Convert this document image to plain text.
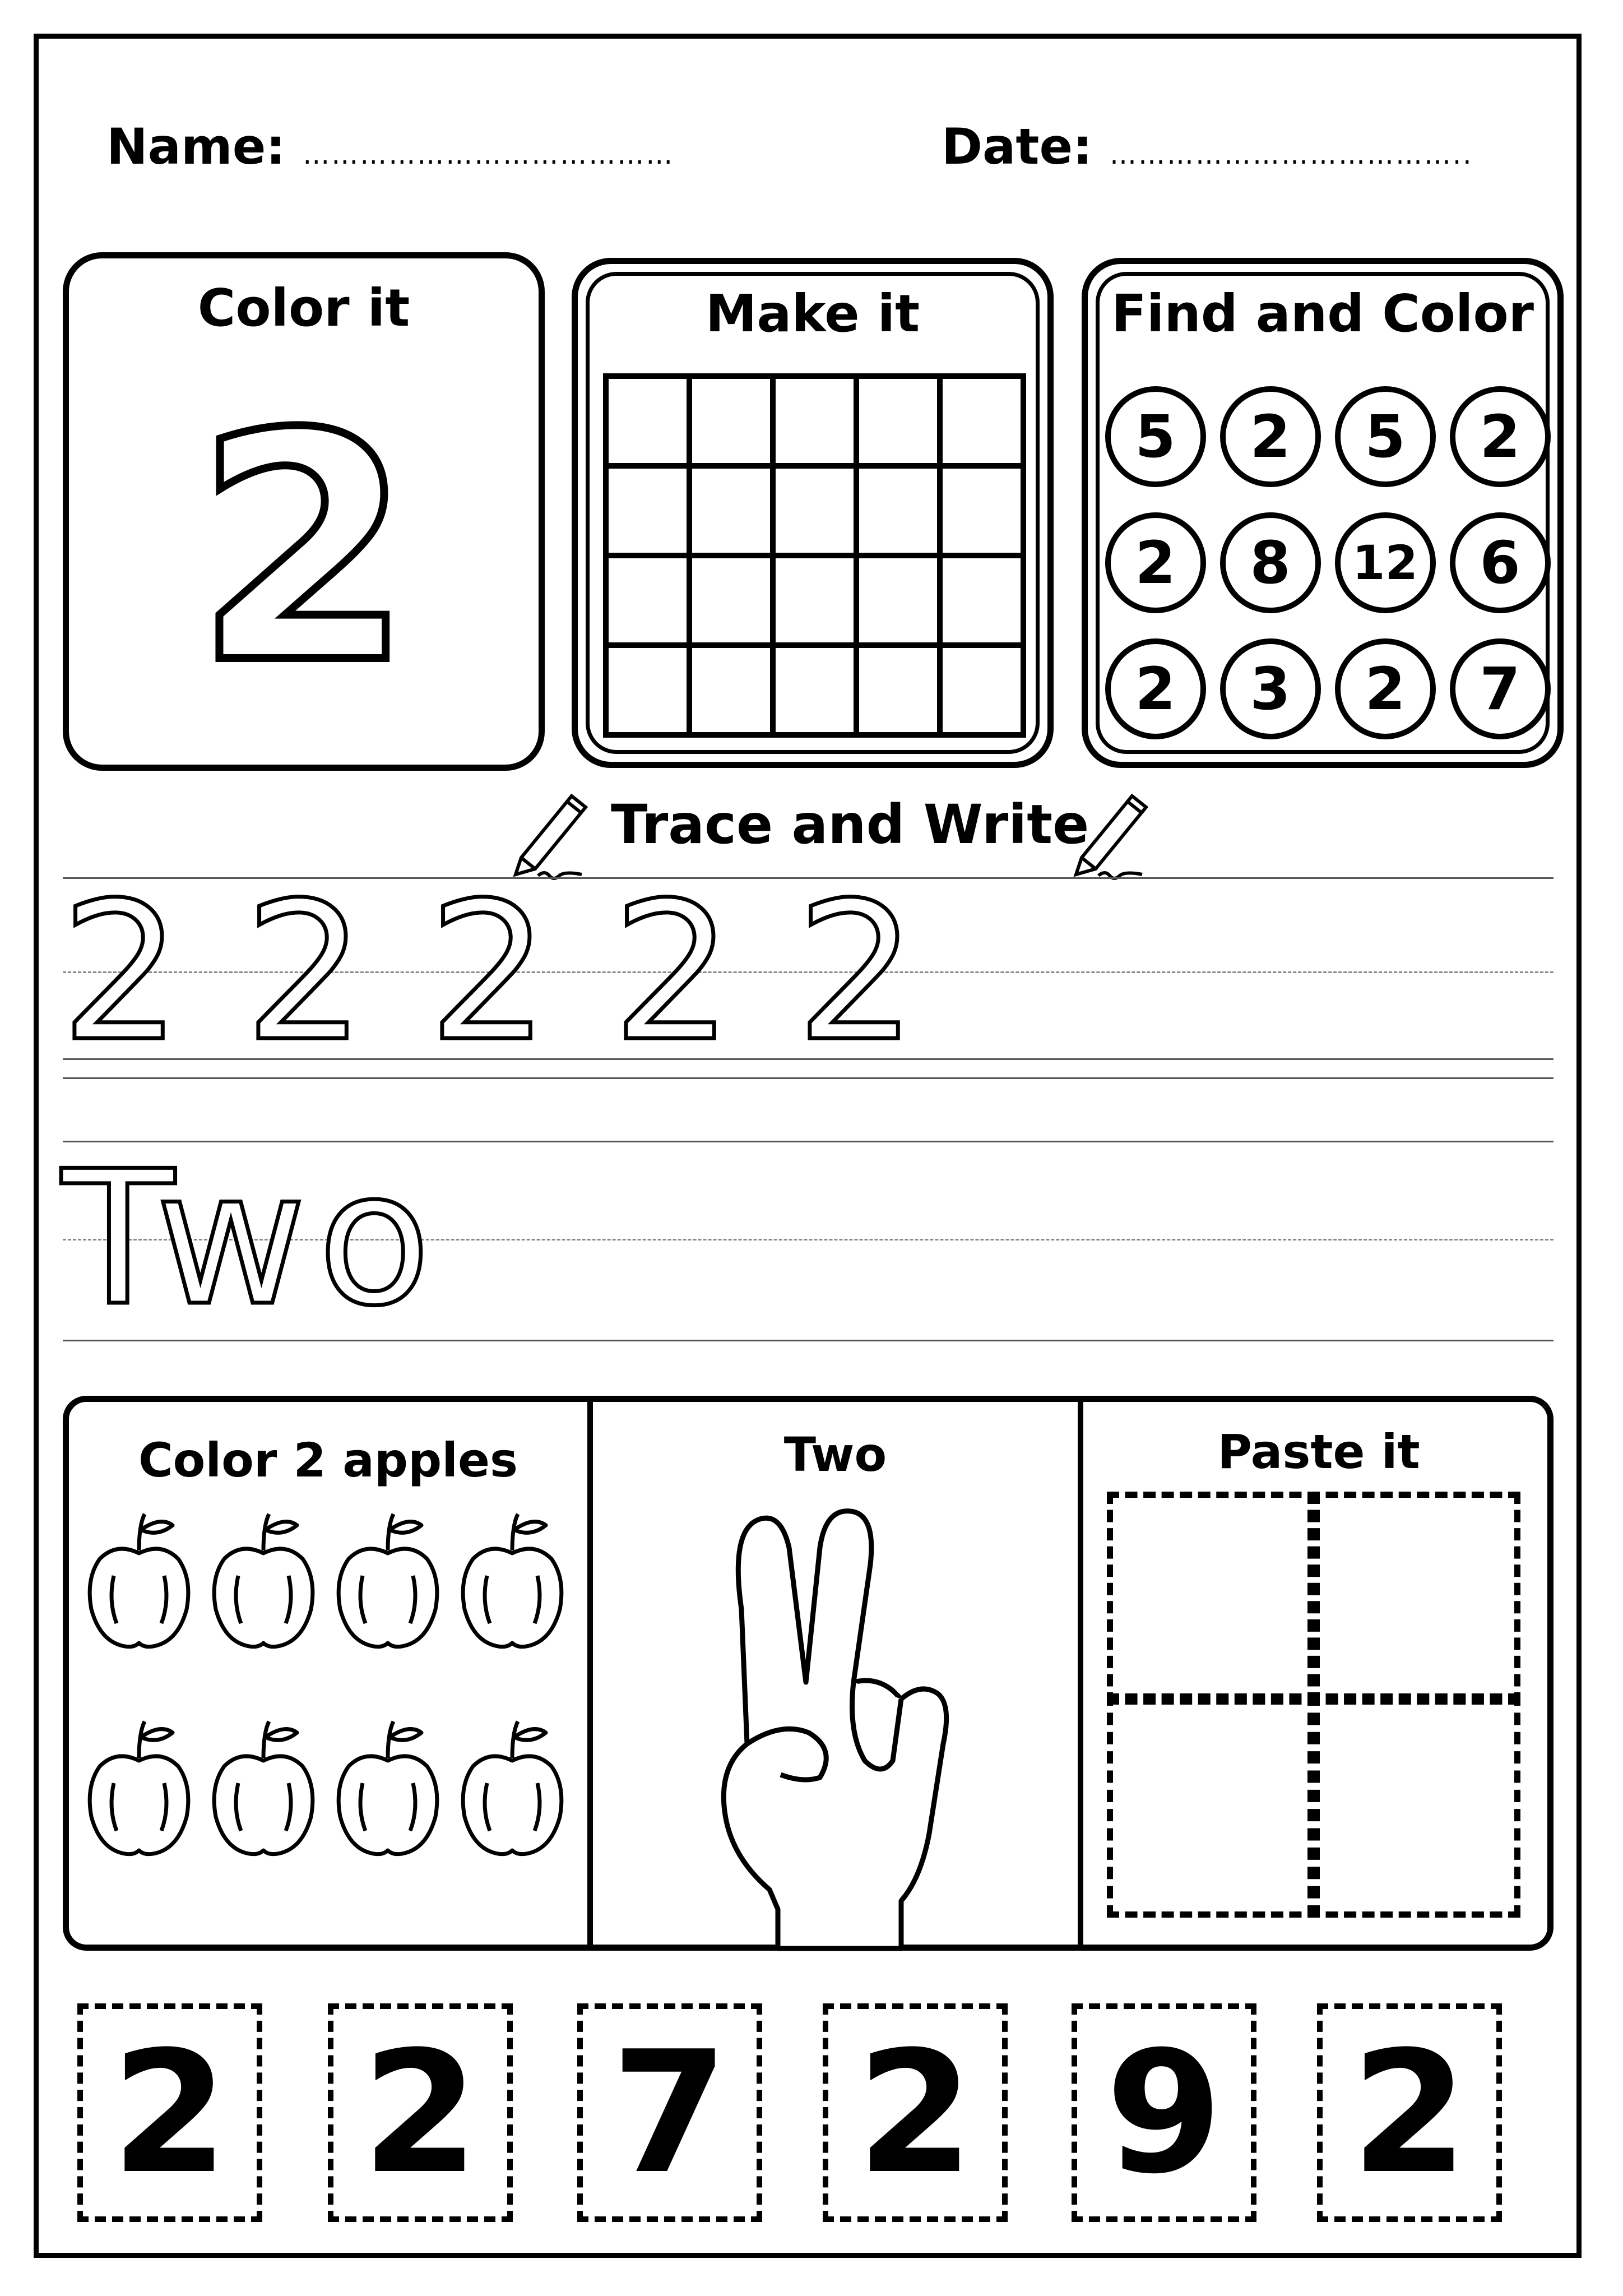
Name: …………………………………	Date: ………………………………..
Color it
2
Make it

					Find and Color
5	2	5	2
2	8	12	6
2	3	2	7
Trace and Write
2 2 2 2 2
Two
Color 2 apples	Two	Paste it
2 2 7 2 9 2
